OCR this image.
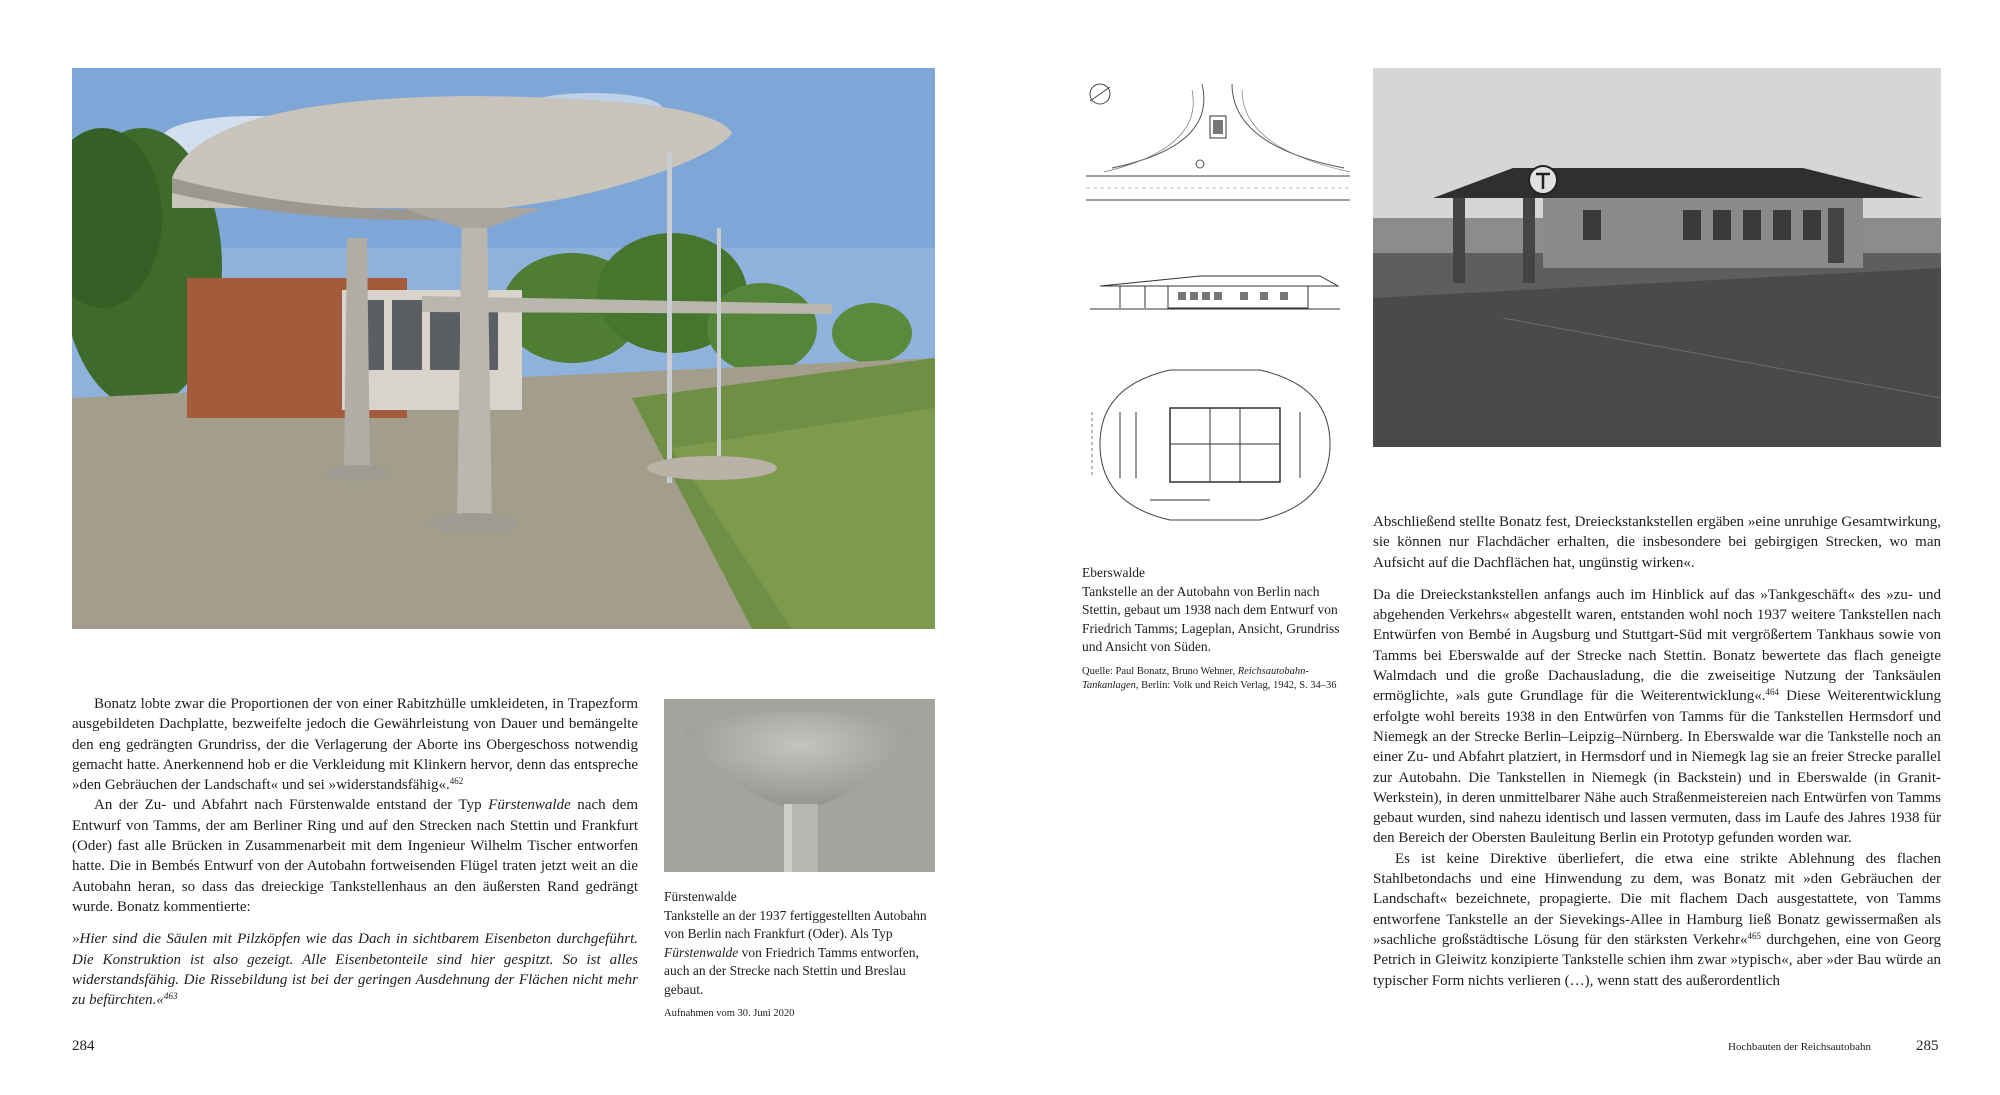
Bonatz lobte zwar die Proportionen der von einer Rabitzhülle umkleideten, in Trapezform ausgebildeten Dachplatte, bezweifelte jedoch die Gewährleistung von Dauer und bemängelte den eng gedrängten Grundriss, der die Verlagerung der Aborte ins Obergeschoss notwendig gemacht hatte. Anerkennend hob er die Verkleidung mit Klinkern hervor, denn das entspreche »den Gebräuchen der Landschaft« und sei »widerstandsfähig«.$^{462}$

An der Zu- und Abfahrt nach Fürstenwalde entstand der Typ Fürstenwalde nach dem Entwurf von Tamms, der am Berliner Ring und auf den Strecken nach Stettin und Frankfurt (Oder) fast alle Brücken in Zusammenarbeit mit dem Ingenieur Wilhelm Tischer entworfen hatte. Die in Bembés Entwurf von der Autobahn fortweisenden Flügel traten jetzt weit an die Autobahn heran, so dass das dreieckige Tankstellenhaus an den äußersten Rand gedrängt wurde. Bonatz kommentierte:

»Hier sind die Säulen mit Pilzköpfen wie das Dach in sichtbarem Eisenbeton durchgeführt. Die Konstruktion ist also gezeigt. Alle Eisenbetonteile sind hier gespitzt. So ist alles widerstandsfähig. Die Rissebildung ist bei der geringen Ausdehnung der Flächen nicht mehr zu befürchten.«$^{463}$

Fürstenwalde
Tankstelle an der 1937 fertiggestellten Autobahn von Berlin nach Frankfurt (Oder). Als Typ Fürstenwalde von Friedrich Tamms entworfen, auch an der Strecke nach Stettin und Breslau gebaut.
Aufnahmen vom 30. Juni 2020
284
Eberswalde
Tankstelle an der Autobahn von Berlin nach Stettin, gebaut um 1938 nach dem Entwurf von Friedrich Tamms; Lageplan, Ansicht, Grundriss und Ansicht von Süden.
Quelle: Paul Bonatz, Bruno Wehner, Reichsautobahn-Tankanlagen, Berlin: Volk und Reich Verlag, 1942, S. 34–36

Abschließend stellte Bonatz fest, Dreieckstankstellen ergäben »eine unruhige Gesamtwirkung, sie können nur Flachdächer erhalten, die insbesondere bei gebirgigen Strecken, wo man Aufsicht auf die Dachflächen hat, ungünstig wirken«.

Da die Dreieckstankstellen anfangs auch im Hinblick auf das »Tankgeschäft« des »zu- und abgehenden Verkehrs« abgestellt waren, entstanden wohl noch 1937 weitere Tankstellen nach Entwürfen von Bembé in Augsburg und Stuttgart-Süd mit vergrößertem Tankhaus sowie von Tamms bei Eberswalde auf der Strecke nach Stettin. Bonatz bewertete das flach geneigte Walmdach und die große Dachausladung, die die zweiseitige Nutzung der Tanksäulen ermöglichte, »als gute Grundlage für die Weiterentwicklung«.$^{464}$ Diese Weiterentwicklung erfolgte wohl bereits 1938 in den Entwürfen von Tamms für die Tankstellen Hermsdorf und Niemegk an der Strecke Berlin–Leipzig–Nürnberg. In Eberswalde war die Tankstelle noch an einer Zu- und Abfahrt platziert, in Hermsdorf und in Niemegk lag sie an freier Strecke parallel zur Autobahn. Die Tankstellen in Niemegk (in Backstein) und in Eberswalde (in Granit-Werkstein), in deren unmittelbarer Nähe auch Straßenmeistereien nach Entwürfen von Tamms gebaut wurden, sind nahezu identisch und lassen vermuten, dass im Laufe des Jahres 1938 für den Bereich der Obersten Bauleitung Berlin ein Prototyp gefunden worden war.

Es ist keine Direktive überliefert, die etwa eine strikte Ablehnung des flachen Stahlbetondachs und eine Hinwendung zu dem, was Bonatz mit »den Gebräuchen der Landschaft« bezeichnete, propagierte. Die mit flachem Dach ausgestattete, von Tamms entworfene Tankstelle an der Sievekings-Allee in Hamburg ließ Bonatz gewissermaßen als »sachliche großstädtische Lösung für den stärksten Verkehr«$^{465}$ durchgehen, eine von Georg Petrich in Gleiwitz konzipierte Tankstelle schien ihm zwar »typisch«, aber »der Bau würde an typischer Form nichts verlieren (…), wenn statt des außerordentlich

Hochbauten der Reichsautobahn	285
